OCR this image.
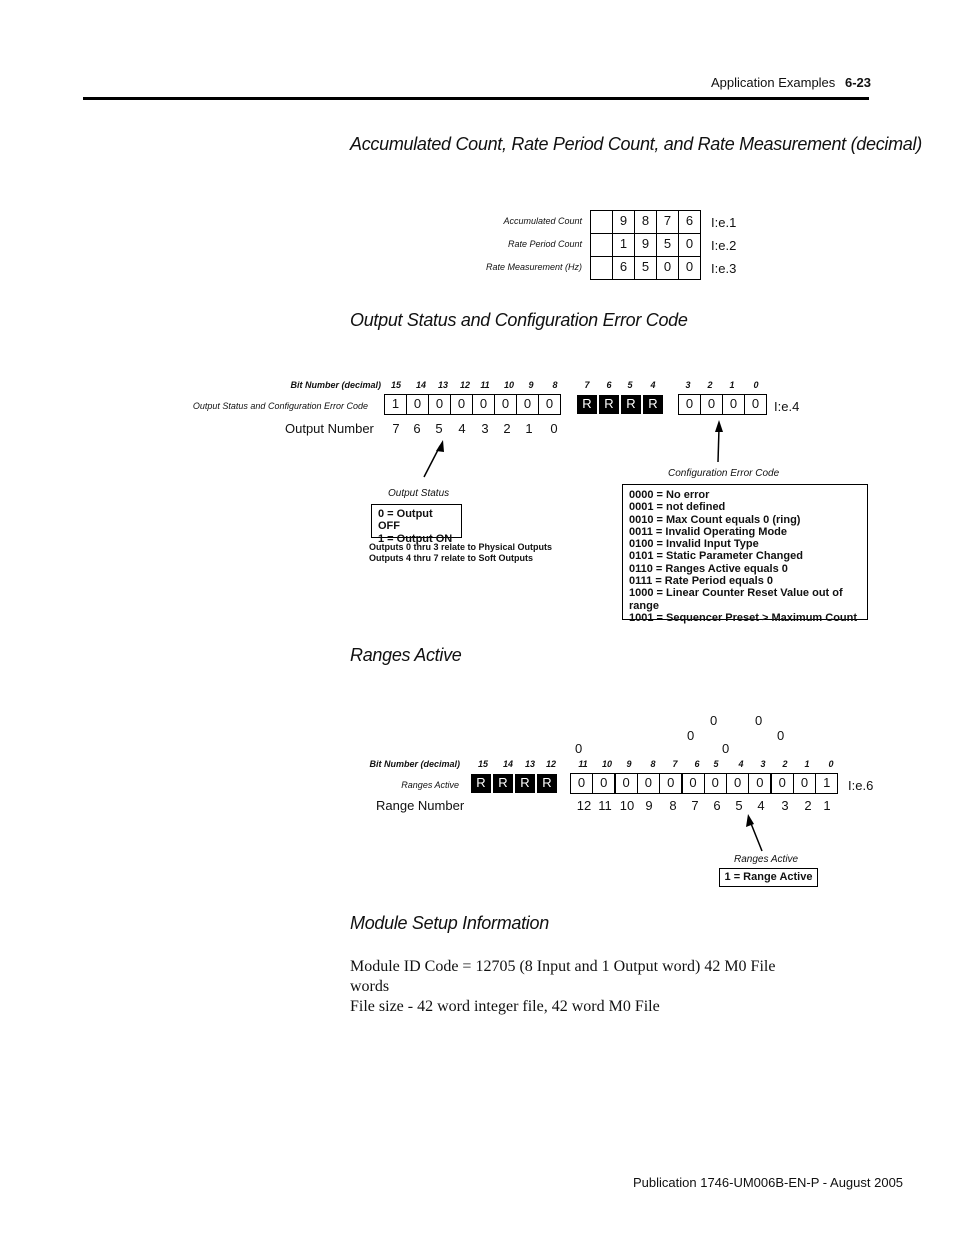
Application Examples 6-23
Accumulated Count, Rate Period Count, and Rate Measurement (decimal)
Accumulated Count	9	8	7	6	I:e.1
Rate Period Count	1	9	5	0	I:e.2
Rate Measurement (Hz)	6	5	0	0	I:e.3
Output Status and Configuration Error Code
Bit Number (decimal)
Output Status and Configuration Error Code
15	14	13	12	11	10	9	8	7	6	5	4	3	2	1	0
1	0	0	0	0	0	0	0	R R R R	0	0	0	0	I:e.4
Output Number	7	6	5	4	3	2	1	0
Output Status
0 = Output OFF
1 = Output ON
Outputs 0 thru 3 relate to Physical Outputs
Outputs 4 thru 7 relate to Soft Outputs
Configuration Error Code
0000 = No error
0001 = not defined
0010 = Max Count equals 0 (ring)
0011 = Invalid Operating Mode
0100 = Invalid Input Type
0101 = Static Parameter Changed
0110 = Ranges Active equals 0
0111 = Rate Period equals 0
1000 = Linear Counter Reset Value out of range
1001 = Sequencer Preset > Maximum Count
Ranges Active
0	0
0	0
0	0
Bit Number (decimal)
Ranges Active
15	14	13	12	11	10	9	8	7	6	5	4	3	2	1	0
R R R R	0	0	0	0	0	0	0	0	0	0	0	1	I:e.6
Range Number	12 11 10 9	8	7	6	5	4	3	2 1
Ranges Active
1 = Range Active
Module Setup Information
Module ID Code = 12705 (8 Input and 1 Output word) 42 M0 File
words
File size - 42 word integer file, 42 word M0 File
Publication 1746-UM006B-EN-P - August 2005
